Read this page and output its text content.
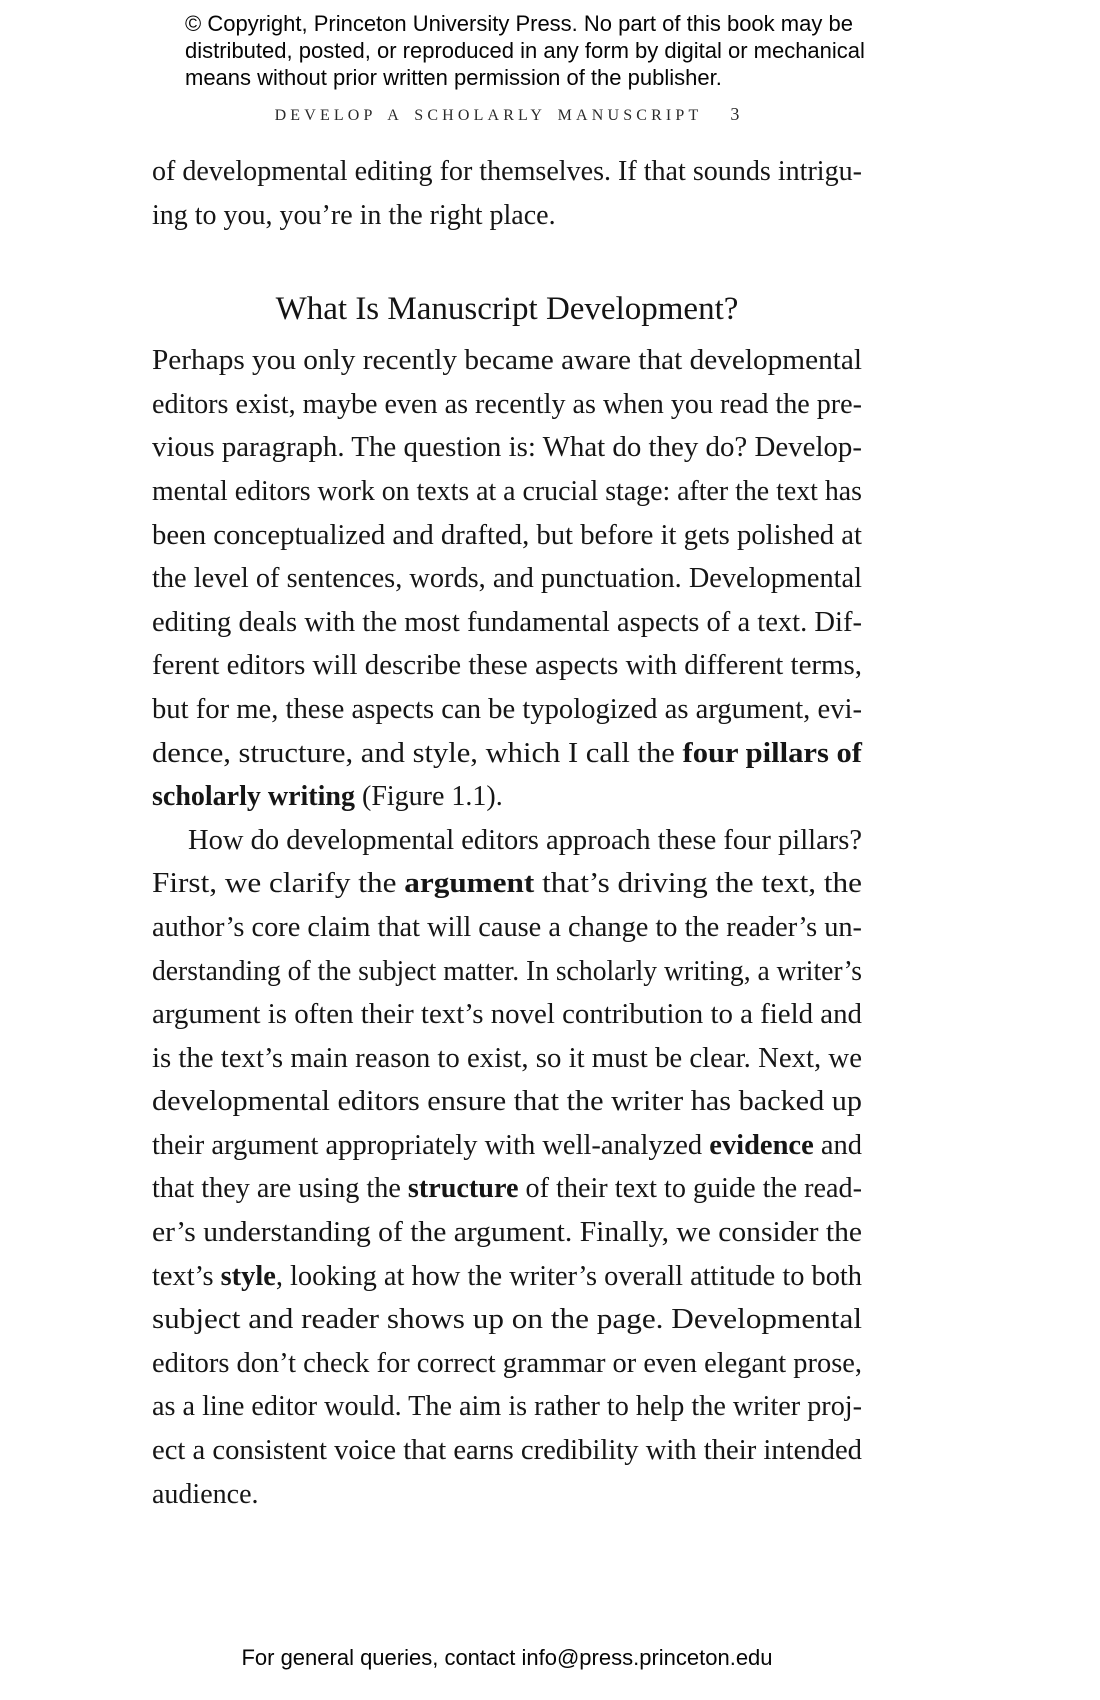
© Copyright, Princeton University Press. No part of this book may be
distributed, posted, or reproduced in any form by digital or mechanical
means without prior written permission of the publisher.
DEVELOP A SCHOLARLY MANUSCRIPT 3
of developmental editing for themselves. If that sounds intrigu-
ing to you, you’re in the right place.
What Is Manuscript Development?
Perhaps you only recently became aware that developmental
editors exist, maybe even as recently as when you read the pre-
vious paragraph. The question is: What do they do? Develop-
mental editors work on texts at a crucial stage: after the text has
been conceptualized and drafted, but before it gets polished at
the level of sentences, words, and punctuation. Developmental
editing deals with the most fundamental aspects of a text. Dif-
ferent editors will describe these aspects with different terms,
but for me, these aspects can be typologized as argument, evi-
dence, structure, and style, which I call the four pillars of
scholarly writing (Figure 1.1).
How do developmental editors approach these four pillars?
First, we clarify the argument that’s driving the text, the
author’s core claim that will cause a change to the reader’s un-
derstanding of the subject matter. In scholarly writing, a writer’s
argument is often their text’s novel contribution to a field and
is the text’s main reason to exist, so it must be clear. Next, we
developmental editors ensure that the writer has backed up
their argument appropriately with well-analyzed evidence and
that they are using the structure of their text to guide the read-
er’s understanding of the argument. Finally, we consider the
text’s style, looking at how the writer’s overall attitude to both
subject and reader shows up on the page. Developmental
editors don’t check for correct grammar or even elegant prose,
as a line editor would. The aim is rather to help the writer proj-
ect a consistent voice that earns credibility with their intended
audience.
For general queries, contact info@press.princeton.edu
